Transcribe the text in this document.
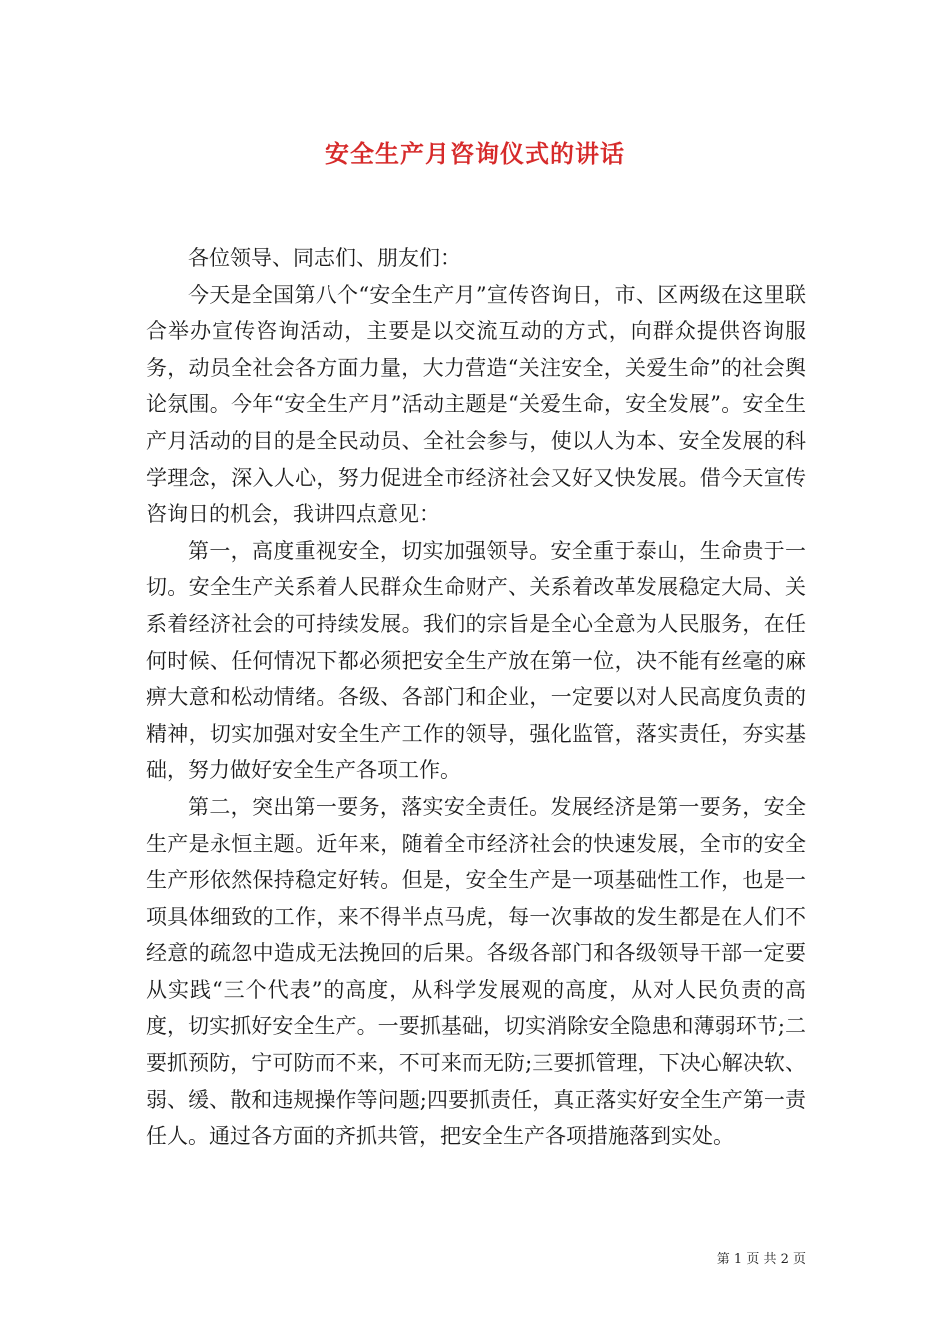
安全生产月咨询仪式的讲话

各位领导、同志们、朋友们：

今天是全国第八个“安全生产月”宣传咨询日，市、区两级在这里联合举办宣传咨询活动，主要是以交流互动的方式，向群众提供咨询服务，动员全社会各方面力量，大力营造“关注安全，关爱生命”的社会舆论氛围。今年“安全生产月”活动主题是“关爱生命，安全发展”。安全生产月活动的目的是全民动员、全社会参与，使以人为本、安全发展的科学理念，深入人心，努力促进全市经济社会又好又快发展。借今天宣传咨询日的机会，我讲四点意见：

第一，高度重视安全，切实加强领导。安全重于泰山，生命贵于一切。安全生产关系着人民群众生命财产、关系着改革发展稳定大局、关系着经济社会的可持续发展。我们的宗旨是全心全意为人民服务，在任何时候、任何情况下都必须把安全生产放在第一位，决不能有丝毫的麻痹大意和松动情绪。各级、各部门和企业，一定要以对人民高度负责的精神，切实加强对安全生产工作的领导，强化监管，落实责任，夯实基础，努力做好安全生产各项工作。

第二，突出第一要务，落实安全责任。发展经济是第一要务，安全生产是永恒主题。近年来，随着全市经济社会的快速发展，全市的安全生产形依然保持稳定好转。但是，安全生产是一项基础性工作，也是一项具体细致的工作，来不得半点马虎，每一次事故的发生都是在人们不经意的疏忽中造成无法挽回的后果。各级各部门和各级领导干部一定要从实践“三个代表”的高度，从科学发展观的高度，从对人民负责的高度，切实抓好安全生产。一要抓基础，切实消除安全隐患和薄弱环节;二要抓预防，宁可防而不来，不可来而无防;三要抓管理，下决心解决软、弱、缓、散和违规操作等问题;四要抓责任，真正落实好安全生产第一责任人。通过各方面的齐抓共管，把安全生产各项措施落到实处。

第 1 页 共 2 页
